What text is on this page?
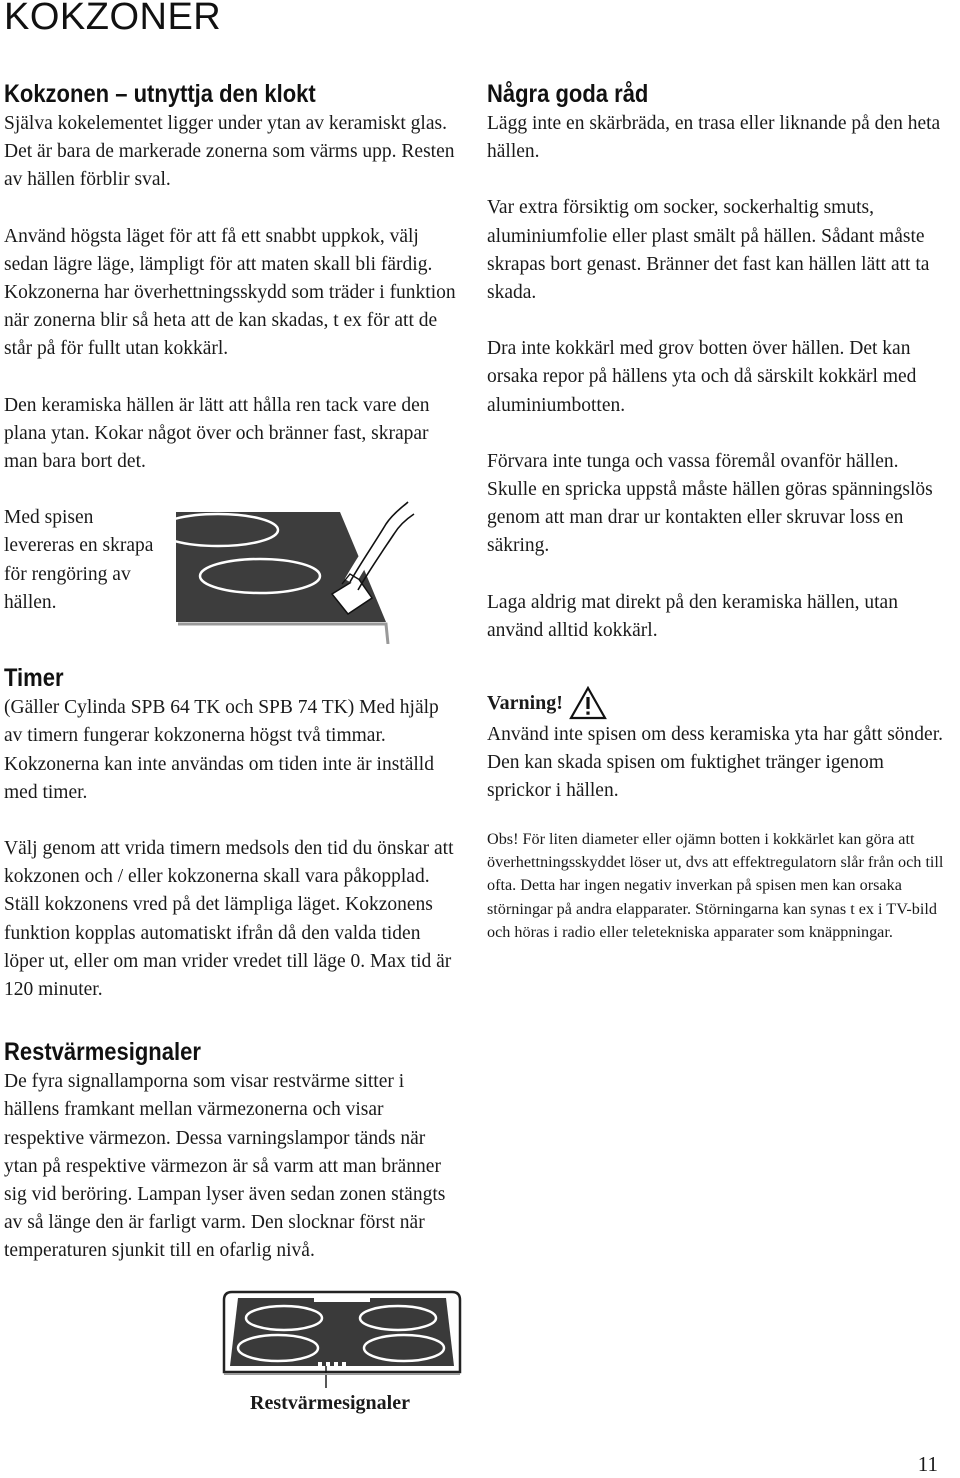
KOKZONER
Kokzonen – utnyttja den klokt

Själva kokelementet ligger under ytan av keramiskt glas. Det är bara de markerade zonerna som värms upp. Resten av hällen förblir sval.

Använd högsta läget för att få ett snabbt uppkok, välj sedan lägre läge, lämpligt för att maten skall bli färdig. Kokzonerna har överhettningsskydd som träder i funktion när zonerna blir så heta att de kan skadas, t ex för att de står på för fullt utan kokkärl.

Den keramiska hällen är lätt att hålla ren tack vare den plana ytan. Kokar något över och bränner fast, skrapar man bara bort det.

Med spisen levereras en skrapa för rengöring av hällen.

Timer

(Gäller Cylinda SPB 64 TK och SPB 74 TK) Med hjälp av timern fungerar kokzonerna högst två timmar. Kokzonerna kan inte användas om tiden inte är inställd med timer.

Välj genom att vrida timern medsols den tid du önskar att kokzonen och / eller kokzonerna skall vara påkopplad. Ställ kokzonens vred på det lämpliga läget. Kokzonens funktion kopplas automatiskt ifrån då den valda tiden löper ut, eller om man vrider vredet till läge 0. Max tid är 120 minuter.

Restvärmesignaler

De fyra signallamporna som visar restvärme sitter i hällens framkant mellan värmezonerna och visar respektive värmezon. Dessa varningslampor tänds när ytan på respektive värmezon är så varm att man bränner sig vid beröring. Lampan lyser även sedan zonen stängts av så länge den är farligt varm. Den slocknar först när temperaturen sjunkit till en ofarlig nivå.

Restvärmesignaler
Några goda råd

Lägg inte en skärbräda, en trasa eller liknande på den heta hällen.

Var extra försiktig om socker, sockerhaltig smuts, aluminiumfolie eller plast smält på hällen. Sådant måste skrapas bort genast. Bränner det fast kan hällen lätt att ta skada.

Dra inte kokkärl med grov botten över hällen. Det kan orsaka repor på hällens yta och då särskilt kokkärl med aluminiumbotten.

Förvara inte tunga och vassa föremål ovanför hällen. Skulle en spricka uppstå måste hällen göras spänningslös genom att man drar ur kontakten eller skruvar loss en säkring.

Laga aldrig mat direkt på den keramiska hällen, utan använd alltid kokkärl.

Varning!

Använd inte spisen om dess keramiska yta har gått sönder. Den kan skada spisen om fuktighet tränger igenom sprickor i hällen.

Obs! För liten diameter eller ojämn botten i kokkärlet kan göra att överhettningsskyddet löser ut, dvs att effektregulatorn slår från och till ofta. Detta har ingen negativ inverkan på spisen men kan orsaka störningar på andra elapparater. Störningarna kan synas t ex i TV-bild och höras i radio eller teletekniska apparater som knäppningar.

11
